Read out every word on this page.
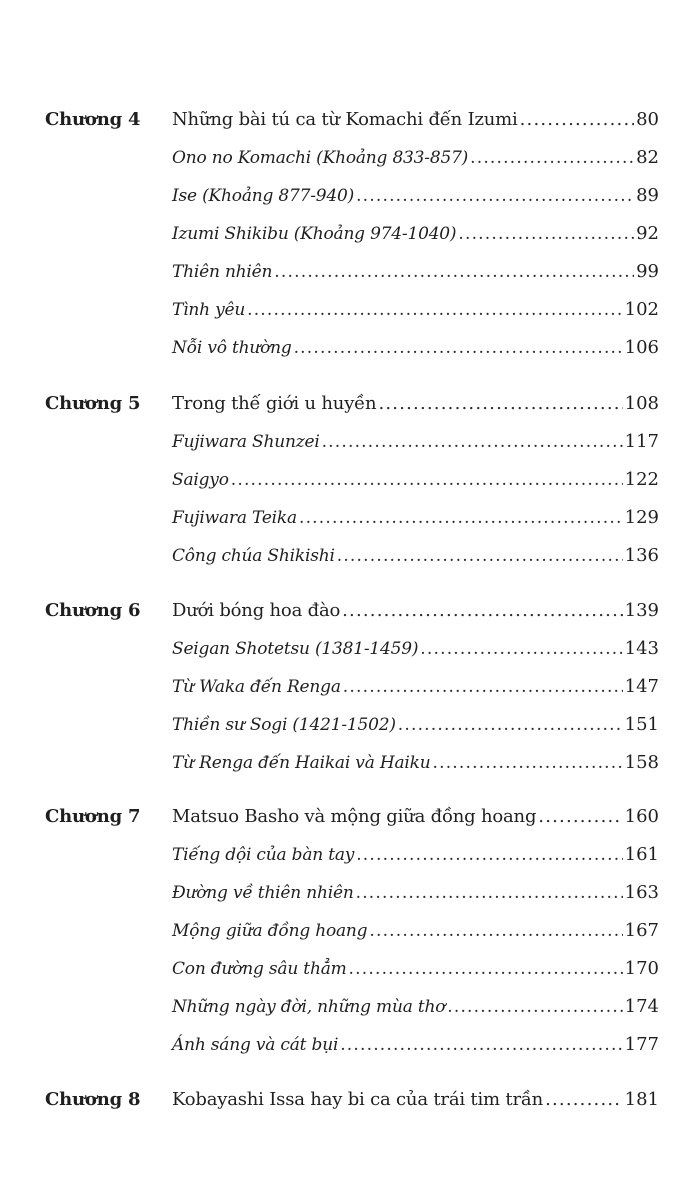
Chương 4 Những bài tú ca từ Komachi đến Izumi .....	80
Ono no Komachi (Khoảng 833-857) .....	82
Ise (Khoảng 877-940) .....	89
Izumi Shikibu (Khoảng 974-1040) .....	92
Thiên nhiên .....	99
Tình yêu .....	102
Nỗi vô thường .....	106
Chương 5 Trong thế giới u huyền .....	108
Fujiwara Shunzei .....	117
Saigyo .....	122
Fujiwara Teika .....	129
Công chúa Shikishi .....	136
Chương 6 Dưới bóng hoa đào .....	139
Seigan Shotetsu (1381-1459) .....	143
Từ Waka đến Renga .....	147
Thiền sư Sogi (1421-1502) .....	151
Từ Renga đến Haikai và Haiku .....	158
Chương 7 Matsuo Basho và mộng giữa đồng hoang .....	160
Tiếng dội của bàn tay .....	161
Đường về thiên nhiên .....	163
Mộng giữa đồng hoang .....	167
Con đường sâu thẳm .....	170
Những ngày đời, những mùa thơ .....	174
Ánh sáng và cát bụi .....	177
Chương 8 Kobayashi Issa hay bi ca của trái tim trần .....	181
